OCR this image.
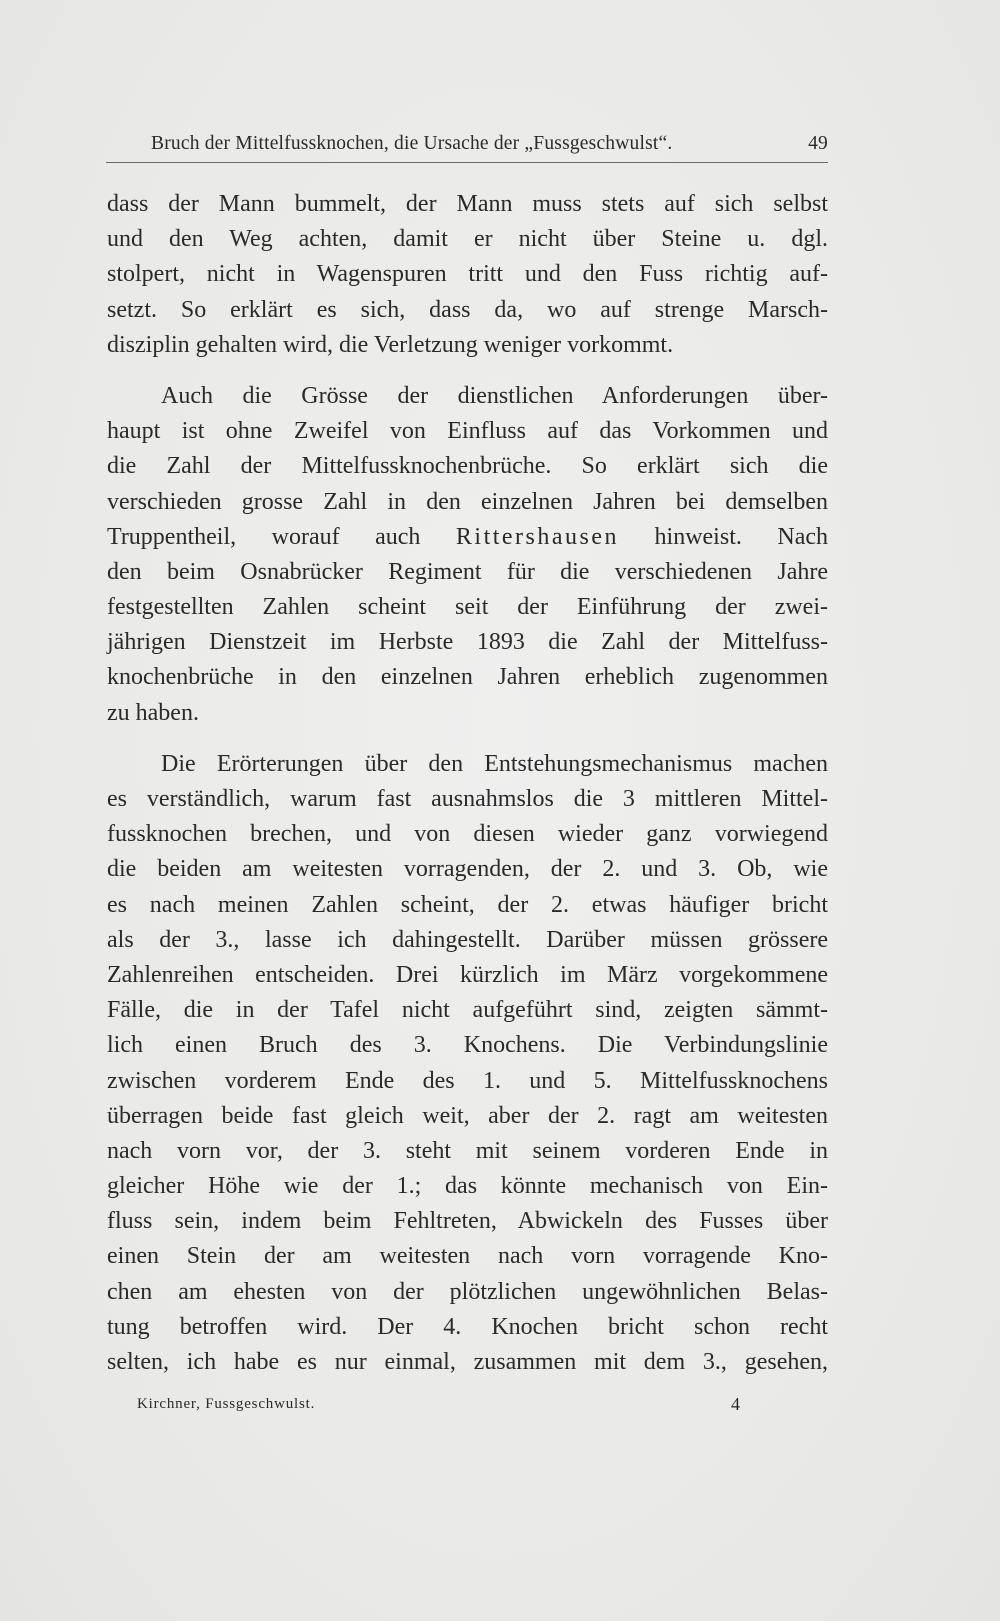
Bruch der Mittelfussknochen, die Ursache der „Fussgeschwulst“.	49

dass der Mann bummelt, der Mann muss stets auf sich selbst
und den Weg achten, damit er nicht über Steine u. dgl.
stolpert, nicht in Wagenspuren tritt und den Fuss richtig auf-
setzt. So erklärt es sich, dass da, wo auf strenge Marsch-
disziplin gehalten wird, die Verletzung weniger vorkommt.

Auch die Grösse der dienstlichen Anforderungen über-
haupt ist ohne Zweifel von Einfluss auf das Vorkommen und
die Zahl der Mittelfussknochenbrüche. So erklärt sich die
verschieden grosse Zahl in den einzelnen Jahren bei demselben
Truppentheil, worauf auch Rittershausen hinweist. Nach
den beim Osnabrücker Regiment für die verschiedenen Jahre
festgestellten Zahlen scheint seit der Einführung der zwei-
jährigen Dienstzeit im Herbste 1893 die Zahl der Mittelfuss-
knochenbrüche in den einzelnen Jahren erheblich zugenommen
zu haben.

Die Erörterungen über den Entstehungsmechanismus machen
es verständlich, warum fast ausnahmslos die 3 mittleren Mittel-
fussknochen brechen, und von diesen wieder ganz vorwiegend
die beiden am weitesten vorragenden, der 2. und 3. Ob, wie
es nach meinen Zahlen scheint, der 2. etwas häufiger bricht
als der 3., lasse ich dahingestellt. Darüber müssen grössere
Zahlenreihen entscheiden. Drei kürzlich im März vorgekommene
Fälle, die in der Tafel nicht aufgeführt sind, zeigten sämmt-
lich einen Bruch des 3. Knochens. Die Verbindungslinie
zwischen vorderem Ende des 1. und 5. Mittelfussknochens
überragen beide fast gleich weit, aber der 2. ragt am weitesten
nach vorn vor, der 3. steht mit seinem vorderen Ende in
gleicher Höhe wie der 1.; das könnte mechanisch von Ein-
fluss sein, indem beim Fehltreten, Abwickeln des Fusses über
einen Stein der am weitesten nach vorn vorragende Kno-
chen am ehesten von der plötzlichen ungewöhnlichen Belas-
tung betroffen wird. Der 4. Knochen bricht schon recht
selten, ich habe es nur einmal, zusammen mit dem 3., gesehen,

Kirchner, Fussgeschwulst.	4
